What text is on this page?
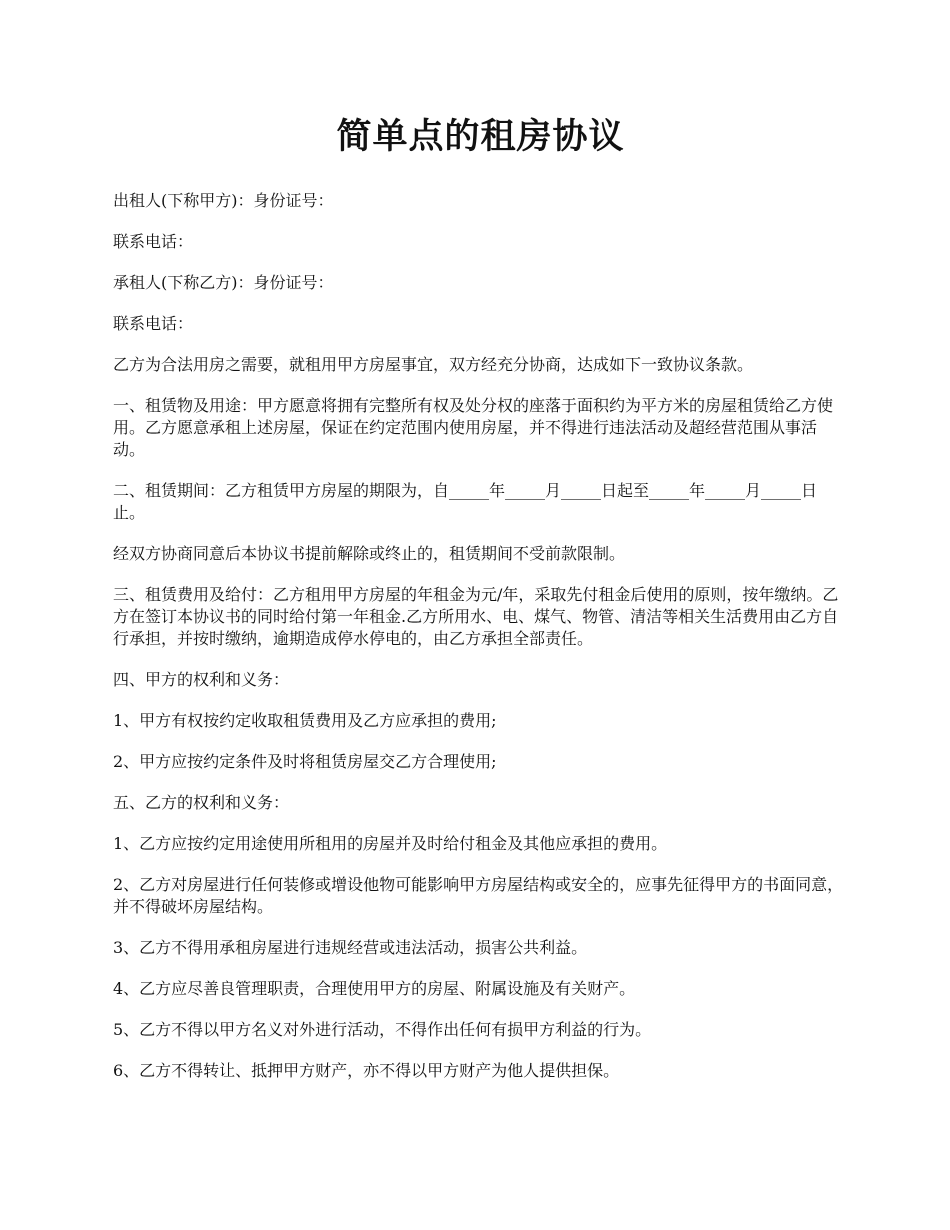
简单点的租房协议

出租人(下称甲方)：身份证号：

联系电话：

承租人(下称乙方)：身份证号：

联系电话：

乙方为合法用房之需要，就租用甲方房屋事宜，双方经充分协商，达成如下一致协议条款。

一、租赁物及用途：甲方愿意将拥有完整所有权及处分权的座落于面积约为平方米的房屋租赁给乙方使用。乙方愿意承租上述房屋，保证在约定范围内使用房屋，并不得进行违法活动及超经营范围从事活动。

二、租赁期间：乙方租赁甲方房屋的期限为，自_____年_____月_____日起至_____年_____月_____日止。

经双方协商同意后本协议书提前解除或终止的，租赁期间不受前款限制。

三、租赁费用及给付：乙方租用甲方房屋的年租金为元/年，采取先付租金后使用的原则，按年缴纳。乙方在签订本协议书的同时给付第一年租金.乙方所用水、电、煤气、物管、清洁等相关生活费用由乙方自行承担，并按时缴纳，逾期造成停水停电的，由乙方承担全部责任。

四、甲方的权利和义务：

1、甲方有权按约定收取租赁费用及乙方应承担的费用;

2、甲方应按约定条件及时将租赁房屋交乙方合理使用;

五、乙方的权利和义务：

1、乙方应按约定用途使用所租用的房屋并及时给付租金及其他应承担的费用。

2、乙方对房屋进行任何装修或增设他物可能影响甲方房屋结构或安全的，应事先征得甲方的书面同意，并不得破坏房屋结构。

3、乙方不得用承租房屋进行违规经营或违法活动，损害公共利益。

4、乙方应尽善良管理职责，合理使用甲方的房屋、附属设施及有关财产。

5、乙方不得以甲方名义对外进行活动，不得作出任何有损甲方利益的行为。

6、乙方不得转让、抵押甲方财产，亦不得以甲方财产为他人提供担保。
